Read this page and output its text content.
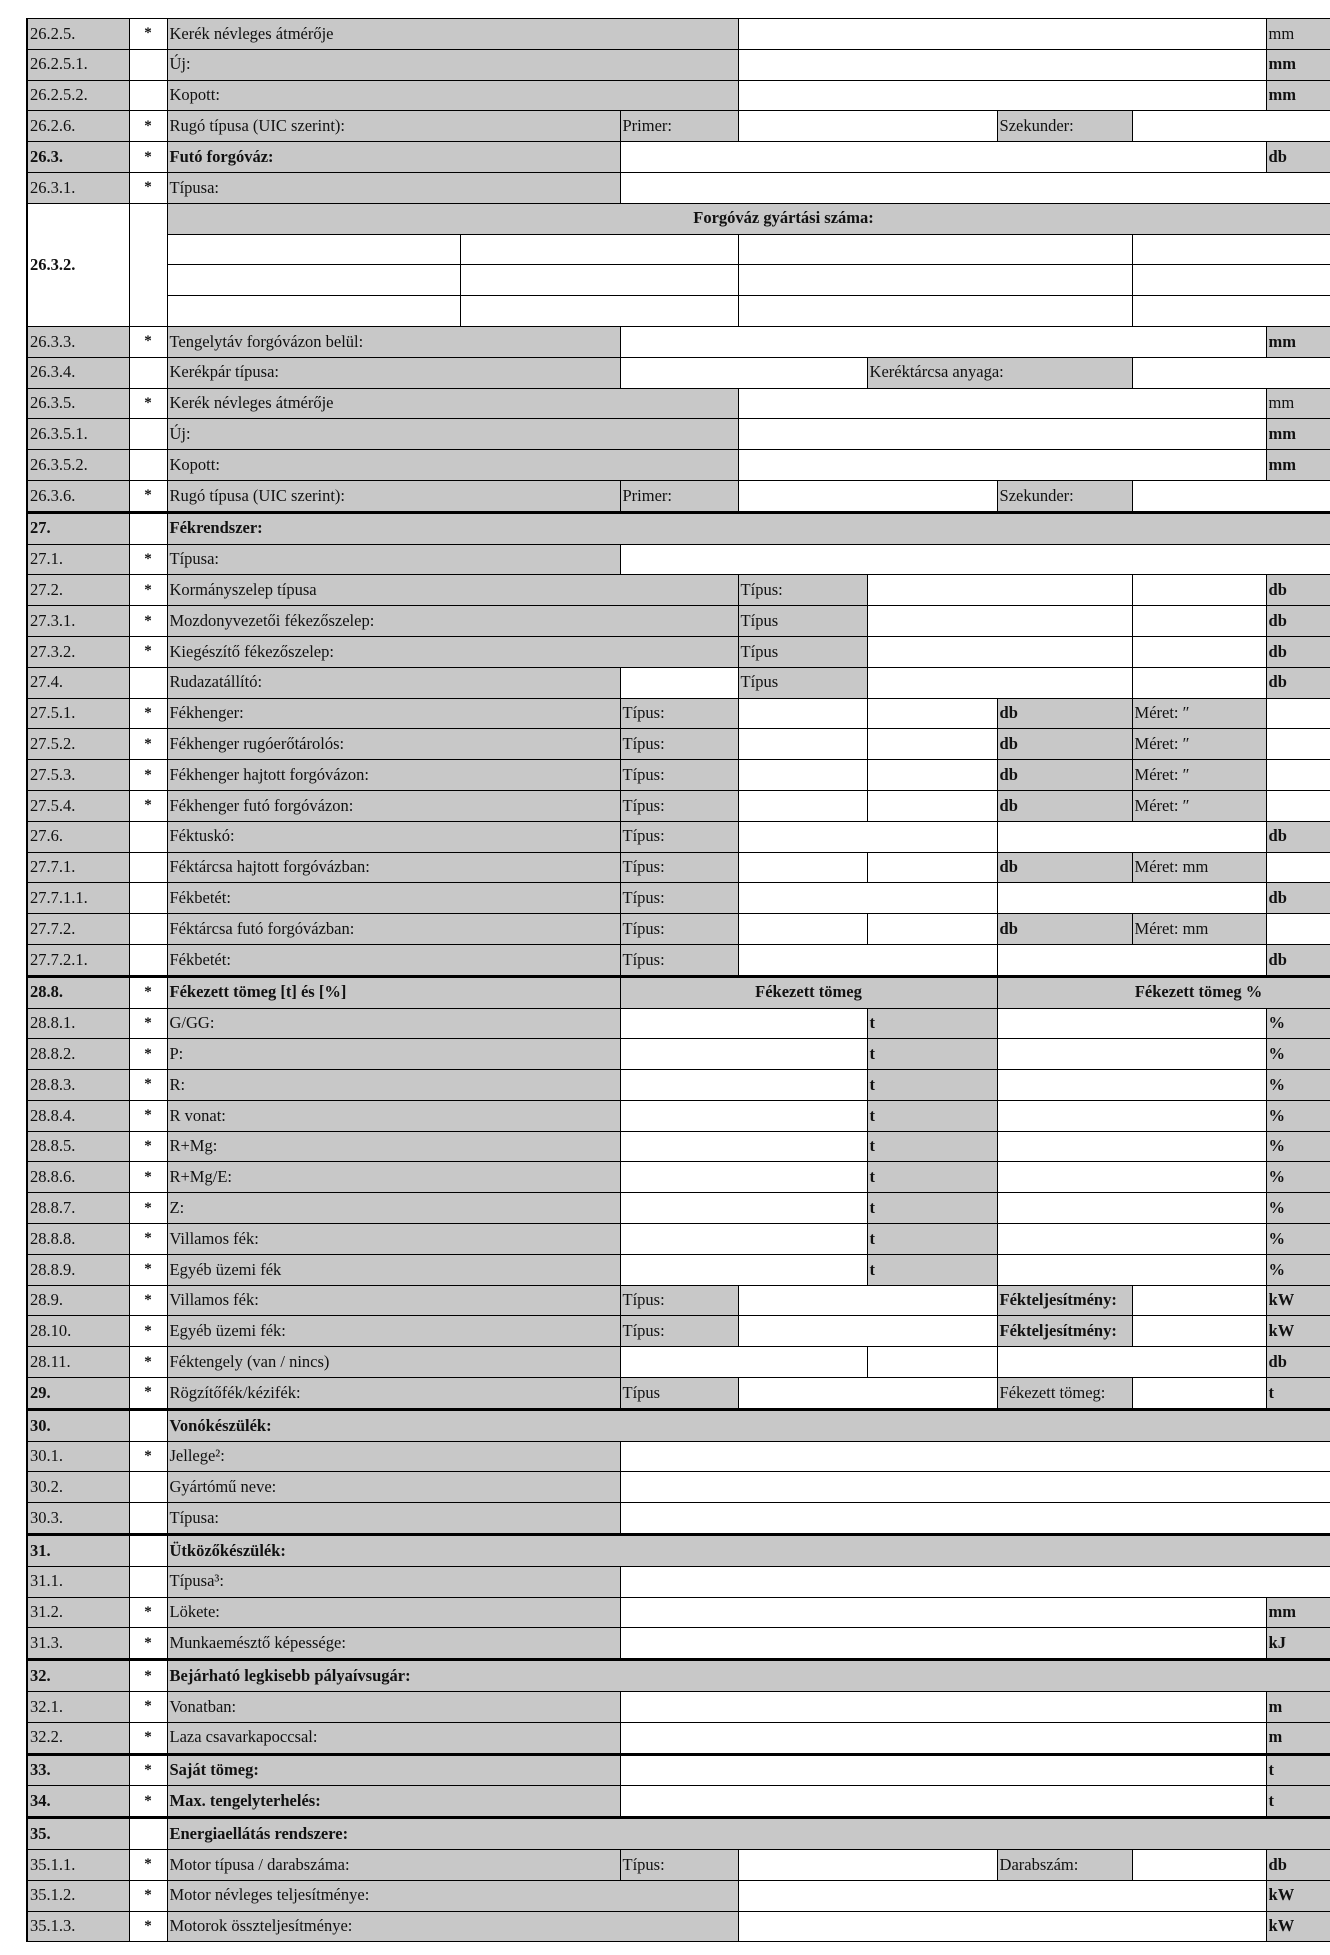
26.2.5.	*	Kerék névleges átmérője							mm
26.2.5.1.		Új:							mm
26.2.5.2.		Kopott:							mm
26.2.6.	*	Rugó típusa (UIC szerint):		Primer:			Szekunder:		
26.3.	*	Futó forgóváz:							db
26.3.1.	*	Típusa:							
26.3.2.		Forgóváz gyártási száma:							

26.3.3.	*	Tengelytáv forgóvázon belül:							mm
26.3.4.		Kerékpár típusa:				Keréktárcsa anyaga:			
26.3.5.	*	Kerék névleges átmérője							mm
26.3.5.1.		Új:							mm
26.3.5.2.		Kopott:							mm
26.3.6.	*	Rugó típusa (UIC szerint):		Primer:			Szekunder:		
27.		Fékrendszer:							
27.1.	*	Típusa:							
27.2.	*	Kormányszelep típusa			Típus:				db
27.3.1.	*	Mozdonyvezetői fékezőszelep:			Típus				db
27.3.2.	*	Kiegészítő fékezőszelep:			Típus				db
27.4.		Rudazatállító:			Típus				db
27.5.1.	*	Fékhenger:		Típus:			db	Méret: ″	
27.5.2.	*	Fékhenger rugóerőtárolós:		Típus:			db	Méret: ″	
27.5.3.	*	Fékhenger hajtott forgóvázon:		Típus:			db	Méret: ″	
27.5.4.	*	Fékhenger futó forgóvázon:		Típus:			db	Méret: ″	
27.6.		Féktuskó:		Típus:					db
27.7.1.		Féktárcsa hajtott forgóvázban:		Típus:			db	Méret: mm	
27.7.1.1.		Fékbetét:		Típus:					db
27.7.2.		Féktárcsa futó forgóvázban:		Típus:			db	Méret: mm	
27.7.2.1.		Fékbetét:		Típus:					db
28.8.	*	Fékezett tömeg [t] és [%]		Fékezett tömeg			Fékezett tömeg %		
28.8.1.	*	G/GG:				t			%
28.8.2.	*	P:				t			%
28.8.3.	*	R:				t			%
28.8.4.	*	R vonat:				t			%
28.8.5.	*	R+Mg:				t			%
28.8.6.	*	R+Mg/E:				t			%
28.8.7.	*	Z:				t			%
28.8.8.	*	Villamos fék:				t			%
28.8.9.	*	Egyéb üzemi fék				t			%
28.9.	*	Villamos fék:		Típus:			Fékteljesítmény:		kW
28.10.	*	Egyéb üzemi fék:		Típus:			Fékteljesítmény:		kW
28.11.	*	Féktengely (van / nincs)							db
29.	*	Rögzítőfék/kézifék:		Típus			Fékezett tömeg:		t
30.		Vonókészülék:							
30.1.	*	Jellege²:							
30.2.		Gyártómű neve:							
30.3.		Típusa:							
31.		Ütközőkészülék:							
31.1.		Típusa³:							
31.2.	*	Lökete:							mm
31.3.	*	Munkaemésztő képessége:							kJ
32.	*	Bejárható legkisebb pályaívsugár:							
32.1.	*	Vonatban:							m
32.2.	*	Laza csavarkapoccsal:							m
33.	*	Saját tömeg:							t
34.	*	Max. tengelyterhelés:							t
35.		Energiaellátás rendszere:							
35.1.1.	*	Motor típusa / darabszáma:		Típus:			Darabszám:		db
35.1.2.	*	Motor névleges teljesítménye:							kW
35.1.3.	*	Motorok összteljesítménye:							kW
